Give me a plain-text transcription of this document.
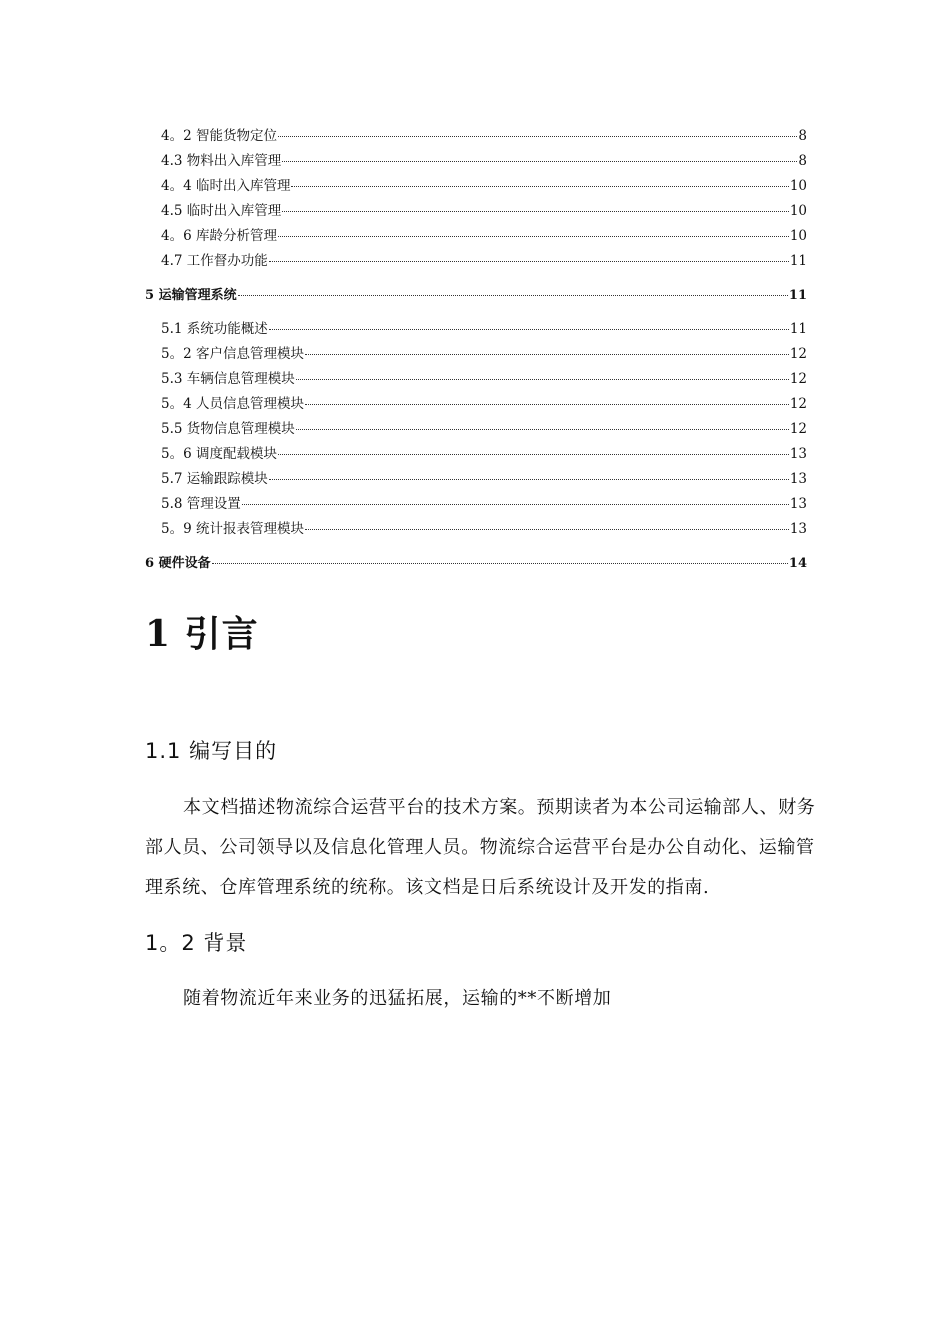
4。2 智能货物定位	8
4.3 物料出入库管理	8
4。4 临时出入库管理	10
4.5 临时出入库管理	10
4。6 库龄分析管理	10
4.7 工作督办功能	11
5 运输管理系统	11
5.1 系统功能概述	11
5。2 客户信息管理模块	12
5.3 车辆信息管理模块	12
5。4 人员信息管理模块	12
5.5 货物信息管理模块	12
5。6 调度配载模块	13
5.7 运输跟踪模块	13
5.8 管理设置	13
5。9 统计报表管理模块	13
6 硬件设备	14
1 引言
1.1 编写目的
本文档描述物流综合运营平台的技术方案。预期读者为本公司运输部人、财务部人员、公司领导以及信息化管理人员。物流综合运营平台是办公自动化、运输管理系统、仓库管理系统的统称。该文档是日后系统设计及开发的指南.
1。2 背景
随着物流近年来业务的迅猛拓展，运输的**不断增加
